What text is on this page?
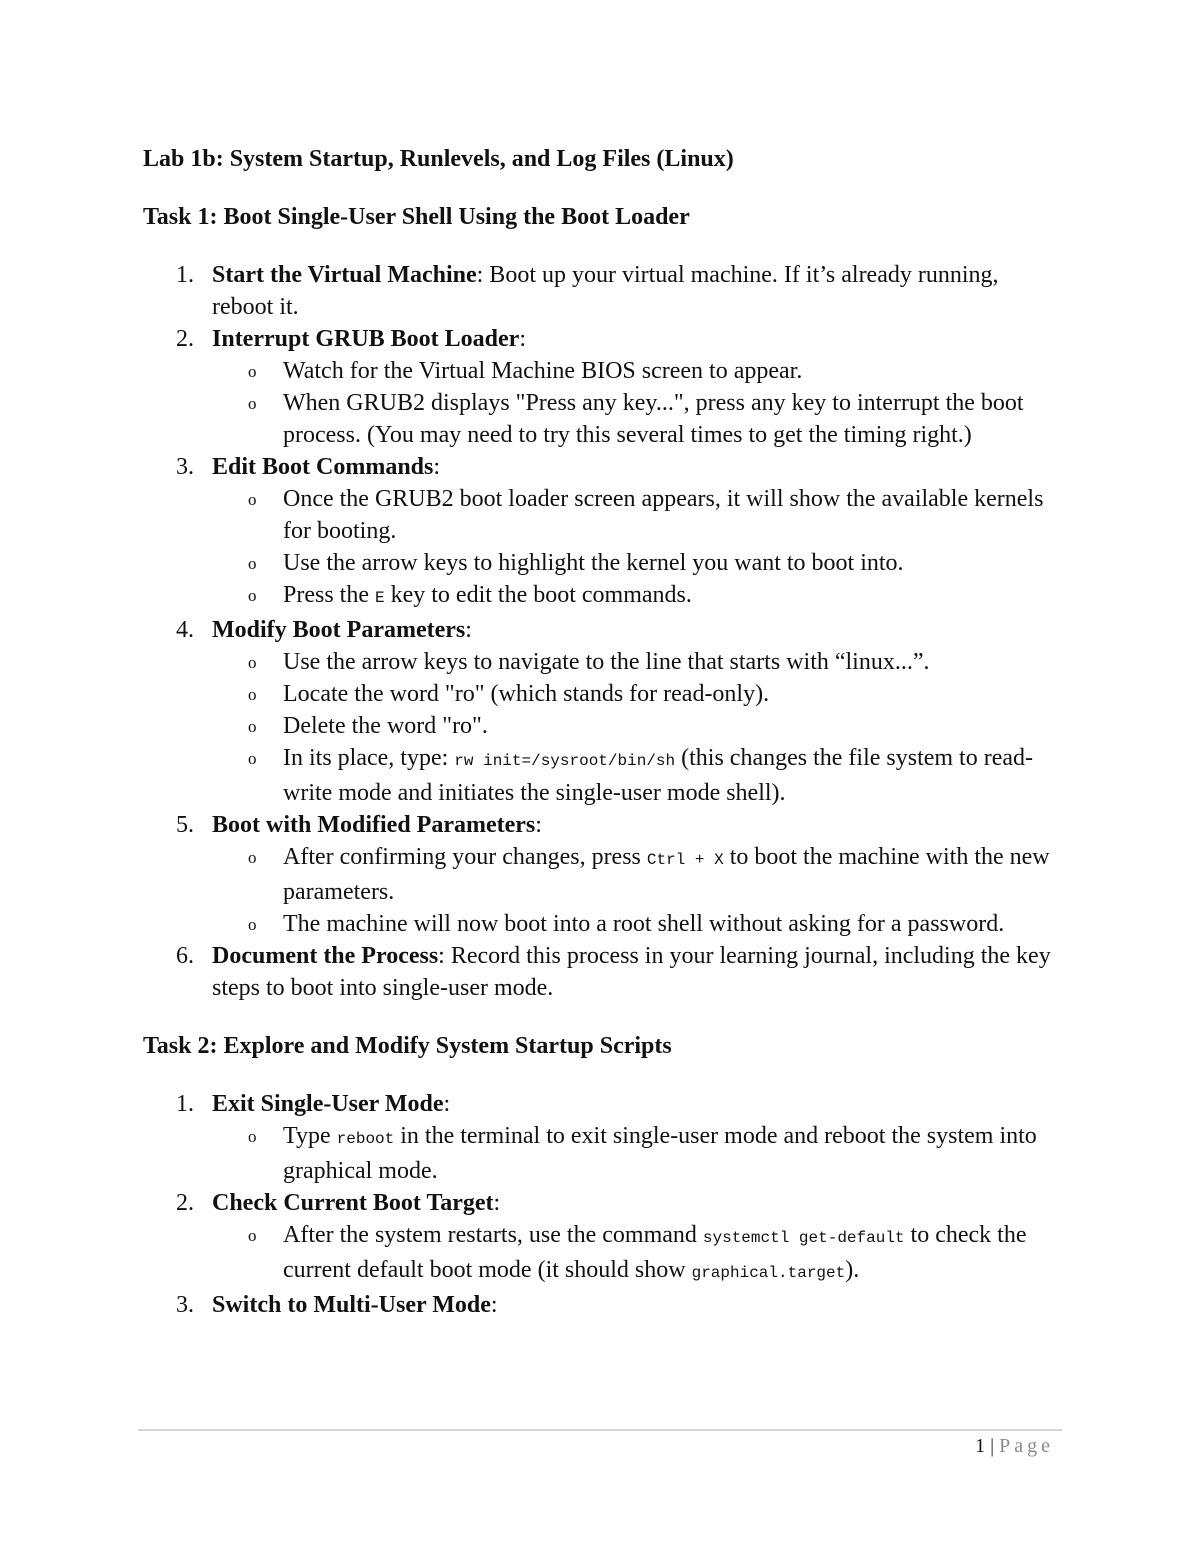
Lab 1b: System Startup, Runlevels, and Log Files (Linux)
Task 1: Boot Single-User Shell Using the Boot Loader
1. Start the Virtual Machine: Boot up your virtual machine. If it’s already running, reboot it.
2. Interrupt GRUB Boot Loader:
o Watch for the Virtual Machine BIOS screen to appear.
o When GRUB2 displays "Press any key...", press any key to interrupt the boot process. (You may need to try this several times to get the timing right.)
3. Edit Boot Commands:
o Once the GRUB2 boot loader screen appears, it will show the available kernels for booting.
o Use the arrow keys to highlight the kernel you want to boot into.
o Press the E key to edit the boot commands.
4. Modify Boot Parameters:
o Use the arrow keys to navigate to the line that starts with “linux...”.
o Locate the word "ro" (which stands for read-only).
o Delete the word "ro".
o In its place, type: rw init=/sysroot/bin/sh (this changes the file system to read-write mode and initiates the single-user mode shell).
5. Boot with Modified Parameters:
o After confirming your changes, press Ctrl + X to boot the machine with the new parameters.
o The machine will now boot into a root shell without asking for a password.
6. Document the Process: Record this process in your learning journal, including the key steps to boot into single-user mode.
Task 2: Explore and Modify System Startup Scripts
1. Exit Single-User Mode:
o Type reboot in the terminal to exit single-user mode and reboot the system into graphical mode.
2. Check Current Boot Target:
o After the system restarts, use the command systemctl get-default to check the current default boot mode (it should show graphical.target).
3. Switch to Multi-User Mode:
1 | Page
